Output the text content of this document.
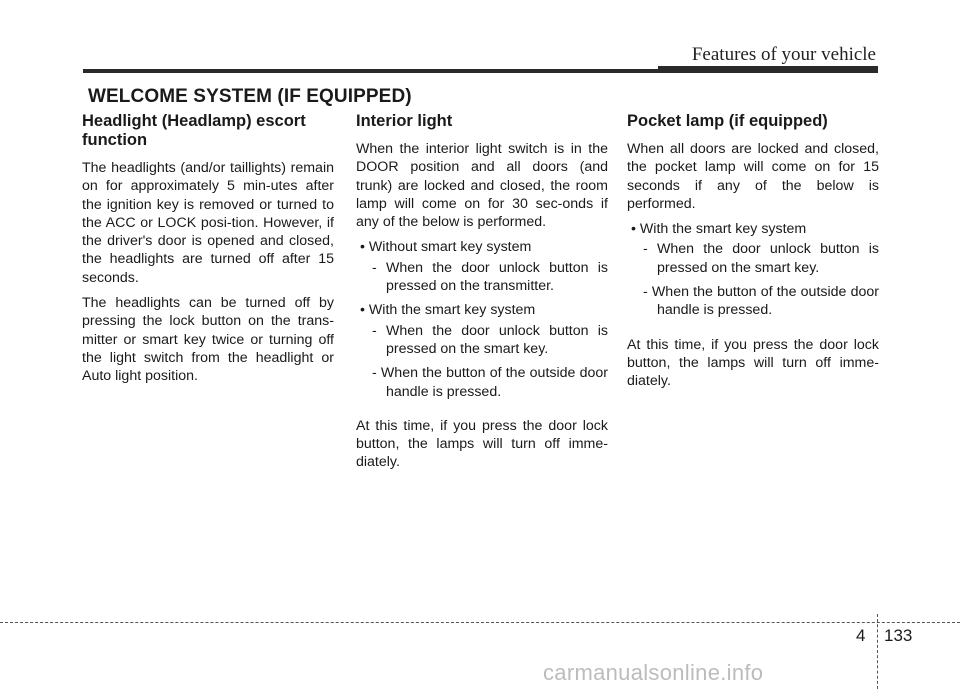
Features of your vehicle
WELCOME SYSTEM (IF EQUIPPED)
Headlight (Headlamp) escort function

The headlights (and/or taillights) remain on for approximately 5 min-utes after the ignition key is removed or turned to the ACC or LOCK posi-tion. However, if the driver's door is opened and closed, the headlights are turned off after 15 seconds.

The headlights can be turned off by pressing the lock button on the trans-mitter or smart key twice or turning off the light switch from the headlight or Auto light position.

Interior light

When the interior light switch is in the DOOR position and all doors (and trunk) are locked and closed, the room lamp will come on for 30 sec-onds if any of the below is performed.

• Without smart key system
- When the door unlock button is pressed on the transmitter.
• With the smart key system
- When the door unlock button is pressed on the smart key.
- When the button of the outside door handle is pressed.

At this time, if you press the door lock button, the lamps will turn off imme-diately.

Pocket lamp (if equipped)

When all doors are locked and closed, the pocket lamp will come on for 15 seconds if any of the below is performed.

• With the smart key system
- When the door unlock button is pressed on the smart key.
- When the button of the outside door handle is pressed.

At this time, if you press the door lock button, the lamps will turn off imme-diately.

4 133
carmanualsonline.info
